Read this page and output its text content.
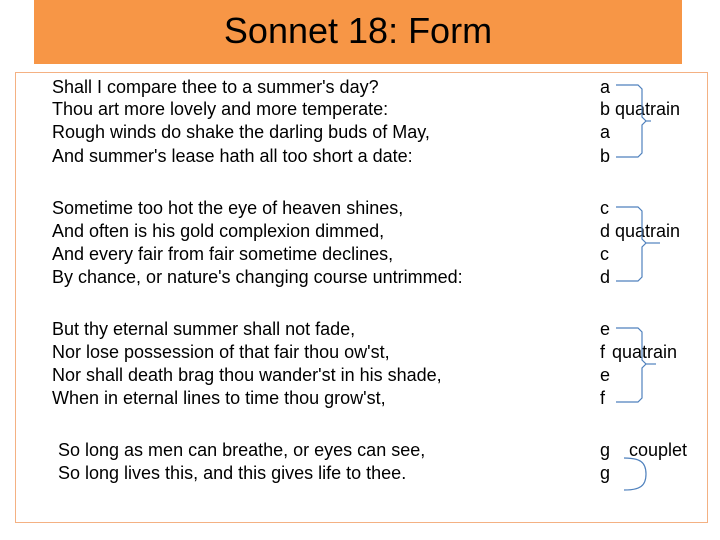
Sonnet 18: Form
Shall I compare thee to a summer's day?
Thou art more lovely and more temperate:
Rough winds do shake the darling buds of May,
And summer's lease hath all too short a date:
a
b
a
b
quatrain
Sometime too hot the eye of heaven shines,
And often is his gold complexion dimmed,
And every fair from fair sometime declines,
By chance, or nature's changing course untrimmed:
c
d
c
d
quatrain
But thy eternal summer shall not fade,
Nor lose possession of that fair thou ow'st,
Nor shall death brag thou wander'st in his shade,
When in eternal lines to time thou grow'st,
e
f
e
f
quatrain
So long as men can breathe, or eyes can see,
So long lives this, and this gives life to thee.
g
g
couplet
